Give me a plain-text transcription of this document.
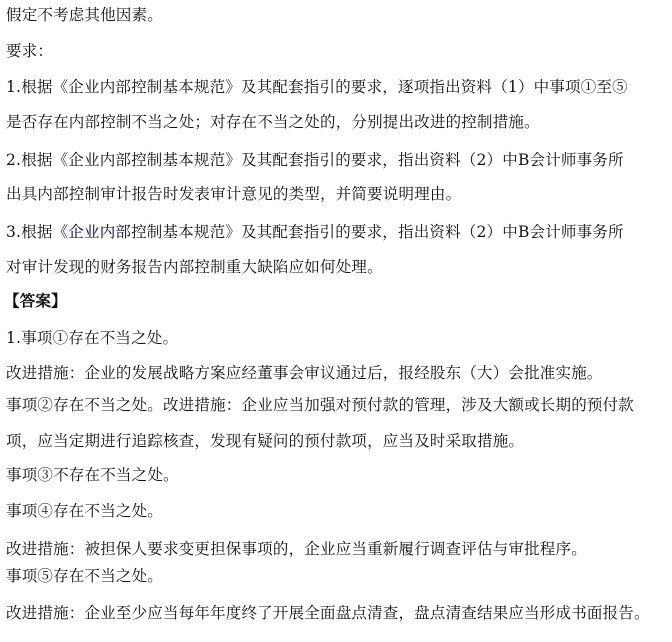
假定不考虑其他因素。
要求：
1.根据《企业内部控制基本规范》及其配套指引的要求，逐项指出资料（1）中事项①至⑤
是否存在内部控制不当之处；对存在不当之处的，分别提出改进的控制措施。
2.根据《企业内部控制基本规范》及其配套指引的要求，指出资料（2）中B会计师事务所
出具内部控制审计报告时发表审计意见的类型，并简要说明理由。
3.根据《企业内部控制基本规范》及其配套指引的要求，指出资料（2）中B会计师事务所
对审计发现的财务报告内部控制重大缺陷应如何处理。
【答案】
1.事项①存在不当之处。
改进措施：企业的发展战略方案应经董事会审议通过后，报经股东（大）会批准实施。
事项②存在不当之处。改进措施：企业应当加强对预付款的管理，涉及大额或长期的预付款
项，应当定期进行追踪核查，发现有疑问的预付款项，应当及时采取措施。
事项③不存在不当之处。
事项④存在不当之处。
改进措施：被担保人要求变更担保事项的，企业应当重新履行调查评估与审批程序。
事项⑤存在不当之处。
改进措施：企业至少应当每年年度终了开展全面盘点清查，盘点清查结果应当形成书面报告。
